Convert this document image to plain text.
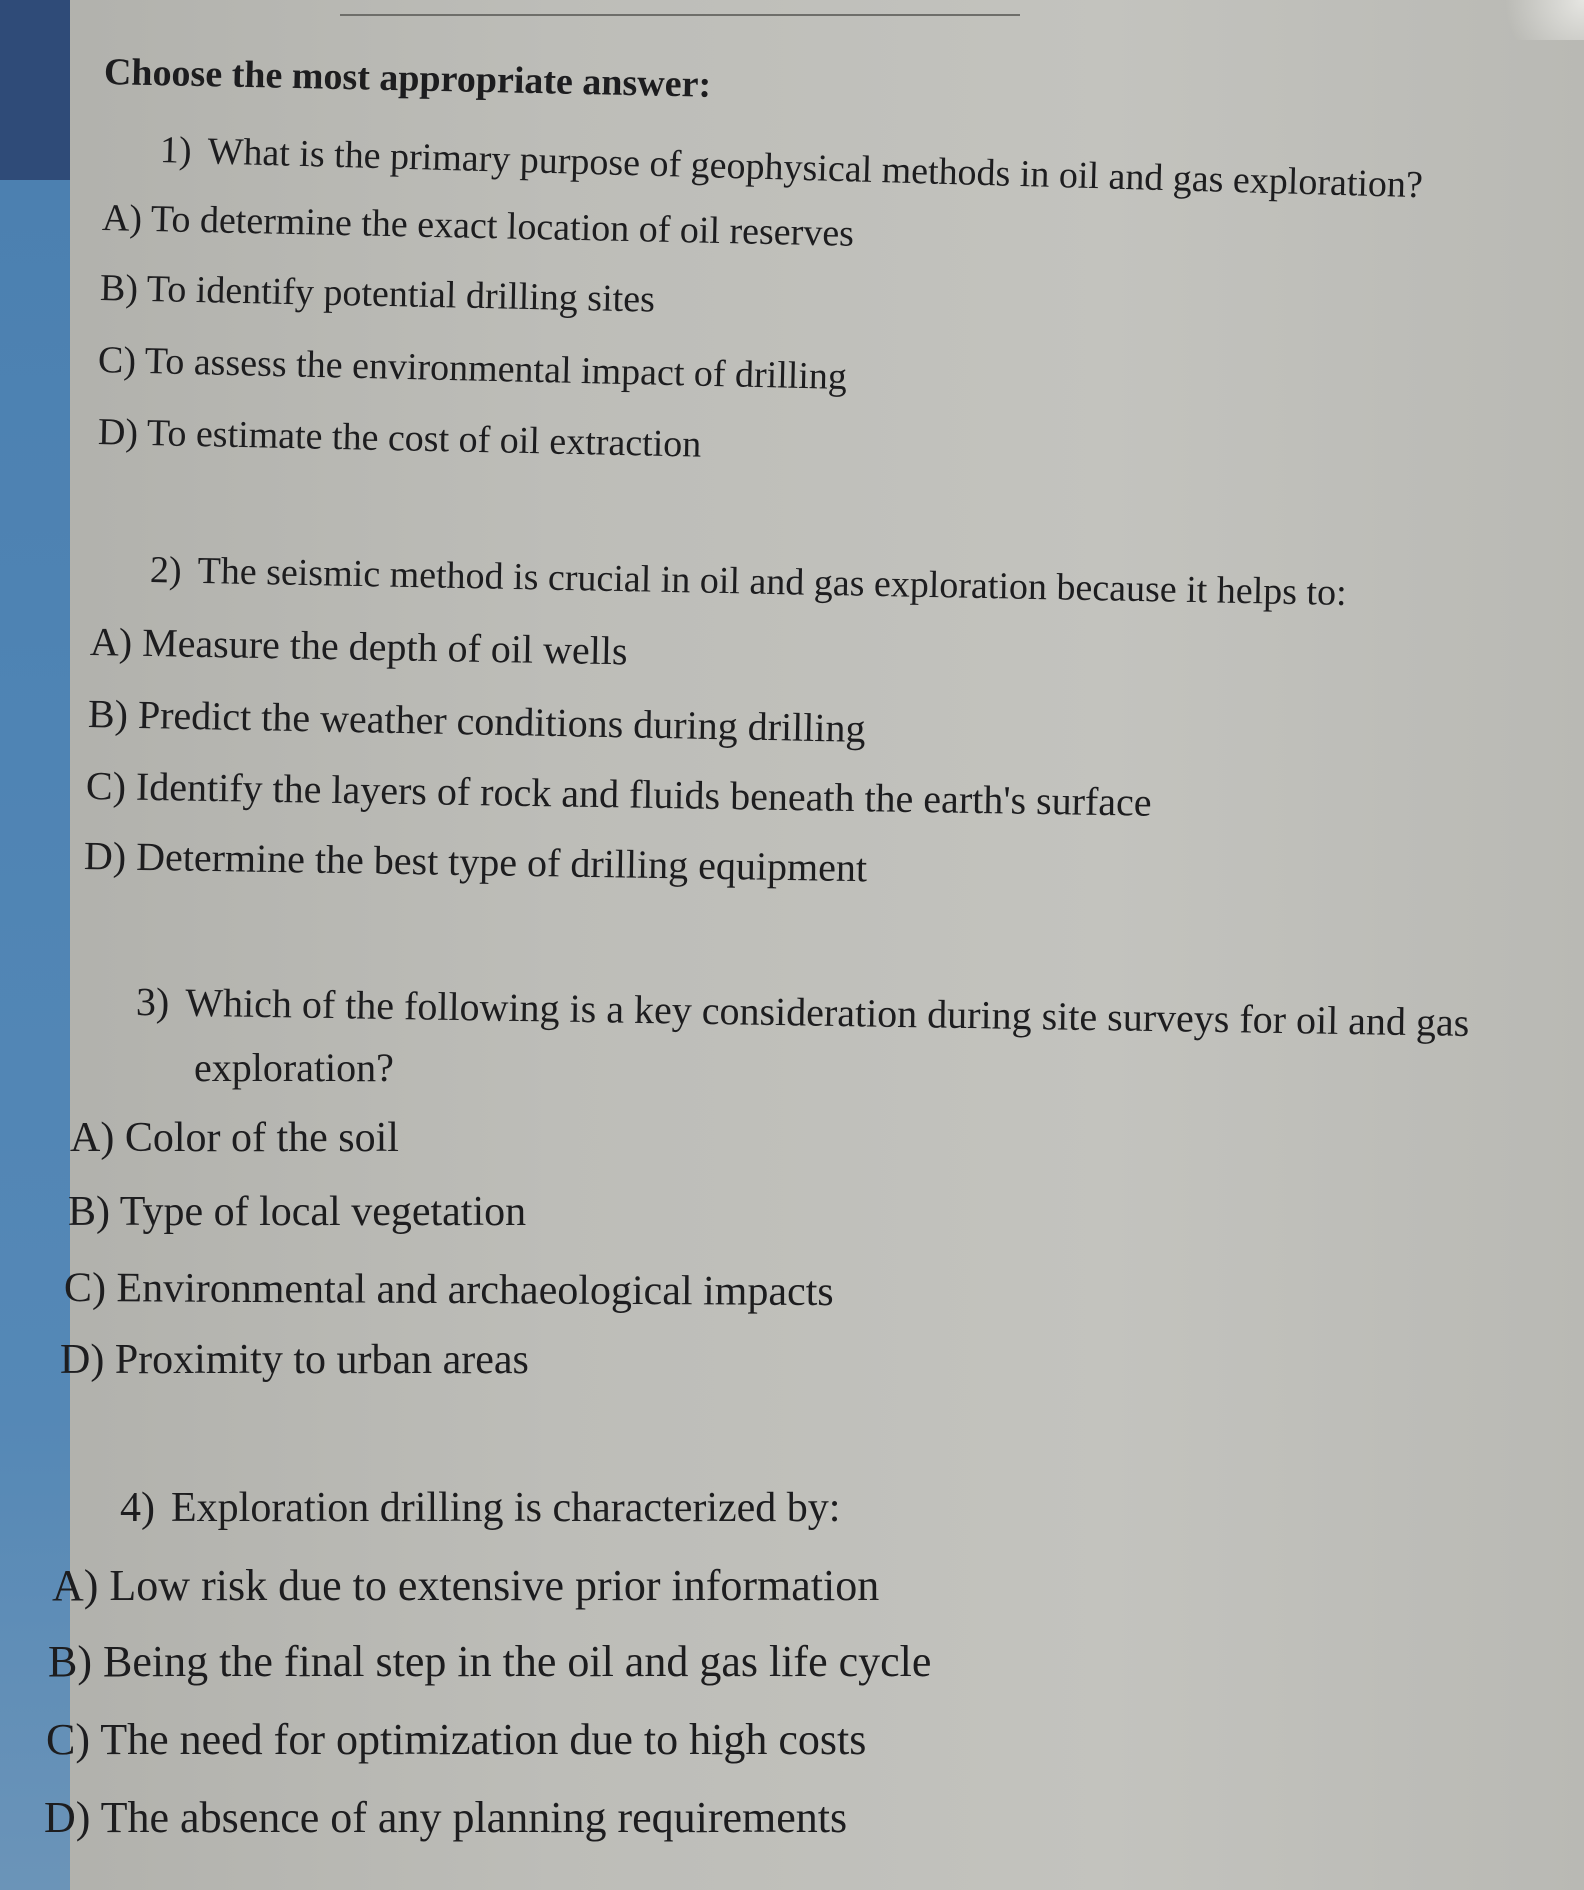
Choose the most appropriate answer:
1) What is the primary purpose of geophysical methods in oil and gas exploration?
A) To determine the exact location of oil reserves
B) To identify potential drilling sites
C) To assess the environmental impact of drilling
D) To estimate the cost of oil extraction
2) The seismic method is crucial in oil and gas exploration because it helps to:
A) Measure the depth of oil wells
B) Predict the weather conditions during drilling
C) Identify the layers of rock and fluids beneath the earth's surface
D) Determine the best type of drilling equipment
3) Which of the following is a key consideration during site surveys for oil and gas
exploration?
A) Color of the soil
B) Type of local vegetation
C) Environmental and archaeological impacts
D) Proximity to urban areas
4) Exploration drilling is characterized by:
A) Low risk due to extensive prior information
B) Being the final step in the oil and gas life cycle
C) The need for optimization due to high costs
D) The absence of any planning requirements
